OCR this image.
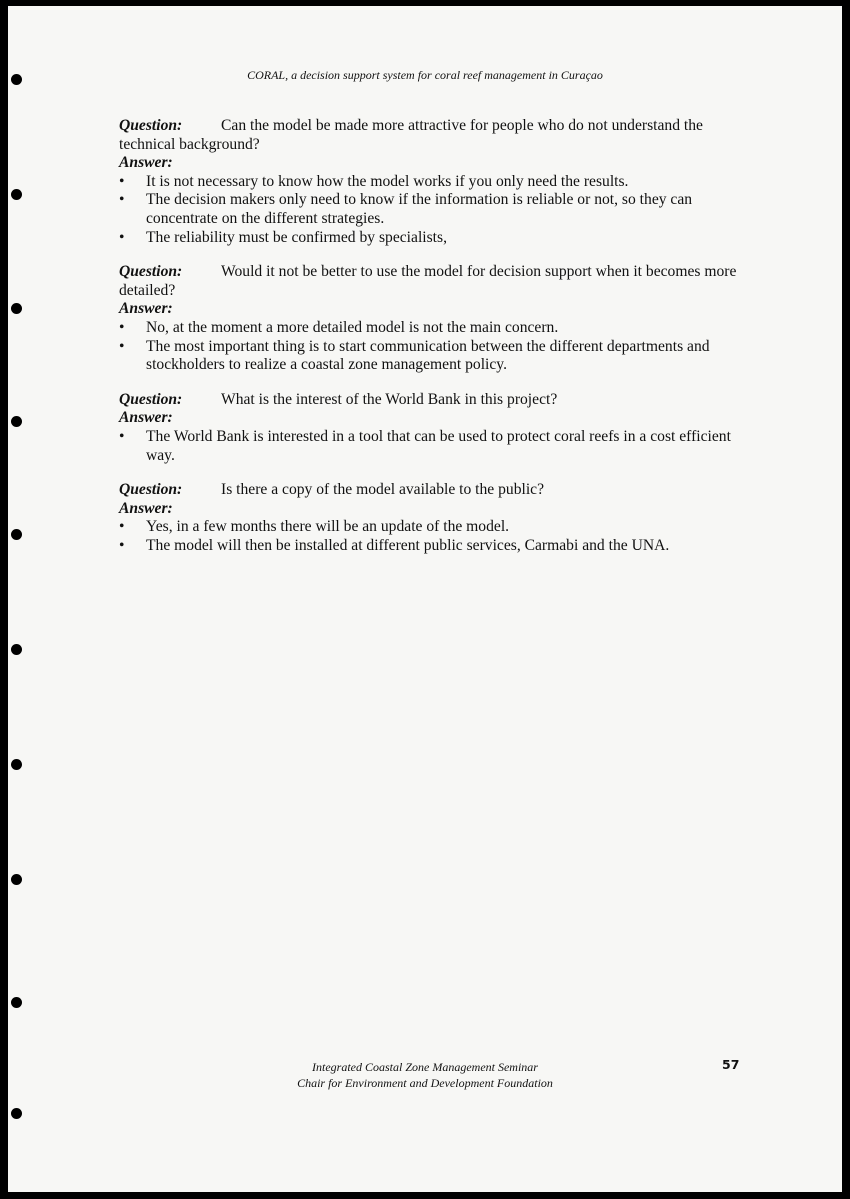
CORAL, a decision support system for coral reef management in Curaçao

Question: Can the model be made more attractive for people who do not understand the technical background?

Answer:

• It is not necessary to know how the model works if you only need the results.
• The decision makers only need to know if the information is reliable or not, so they can concentrate on the different strategies.
• The reliability must be confirmed by specialists,

Question: Would it not be better to use the model for decision support when it becomes more detailed?

Answer:

• No, at the moment a more detailed model is not the main concern.
• The most important thing is to start communication between the different departments and stockholders to realize a coastal zone management policy.

Question: What is the interest of the World Bank in this project?

Answer:

• The World Bank is interested in a tool that can be used to protect coral reefs in a cost efficient way.

Question: Is there a copy of the model available to the public?

Answer:

• Yes, in a few months there will be an update of the model.
• The model will then be installed at different public services, Carmabi and the UNA.
Integrated Coastal Zone Management Seminar
Chair for Environment and Development Foundation
57
